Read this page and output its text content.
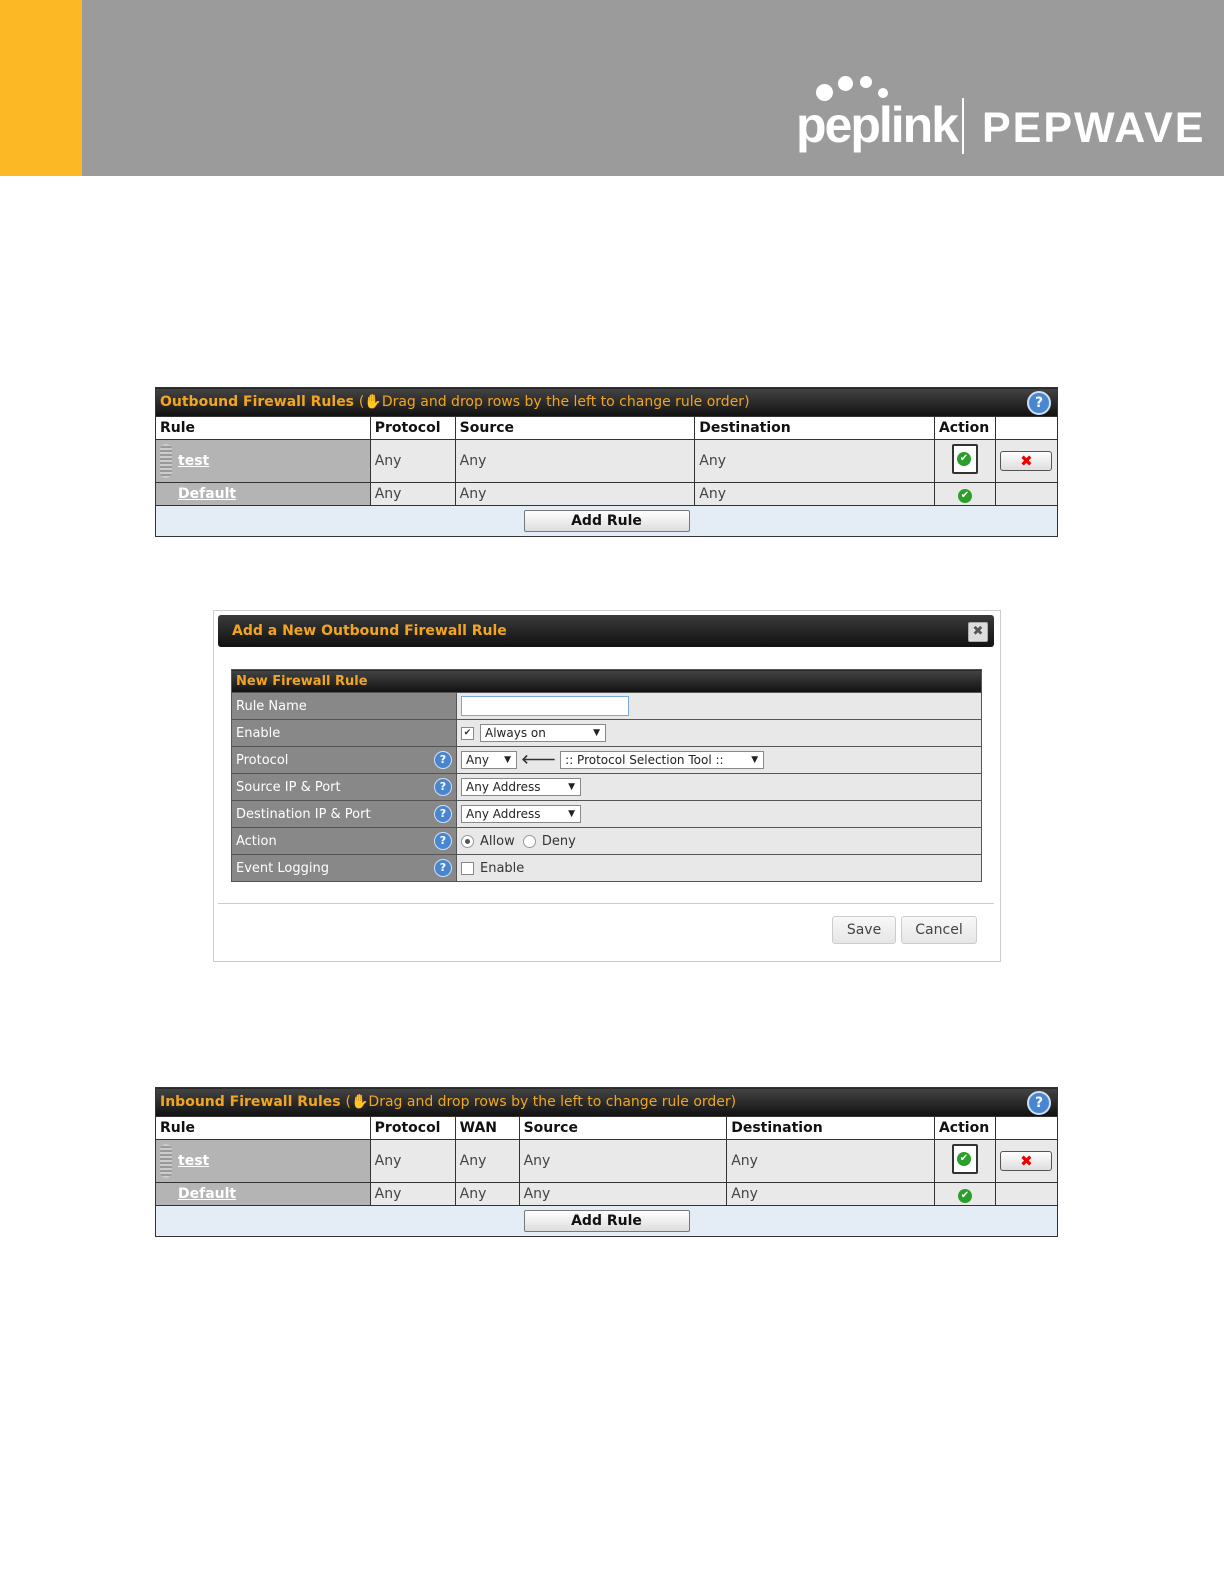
peplink PEPWAVE
Outbound Firewall Rules (✋Drag and drop rows by the left to change rule order) ?					

Rule	Protocol	Source	Destination	Action	

test	Any	Any	Any	✔	✖
Default	Any	Any	Any	✔	
Add Rule					
Add a New Outbound Firewall Rule	✖
New Firewall Rule	
Rule Name	
Enable	✔ Always on ▼

Protocol ?	Any ▼ 🡐 :: Protocol Selection Tool :: ▼

Source IP & Port ?	Any Address ▼

Destination IP & Port ?	Any Address ▼

Action ?	Allow Deny
Event Logging ?	Enable
Save	Cancel
Inbound Firewall Rules (✋Drag and drop rows by the left to change rule order) ?						

Rule	Protocol	WAN	Source	Destination	Action	

test	Any	Any	Any	Any	✔	✖
Default	Any	Any	Any	Any	✔	
Add Rule						
